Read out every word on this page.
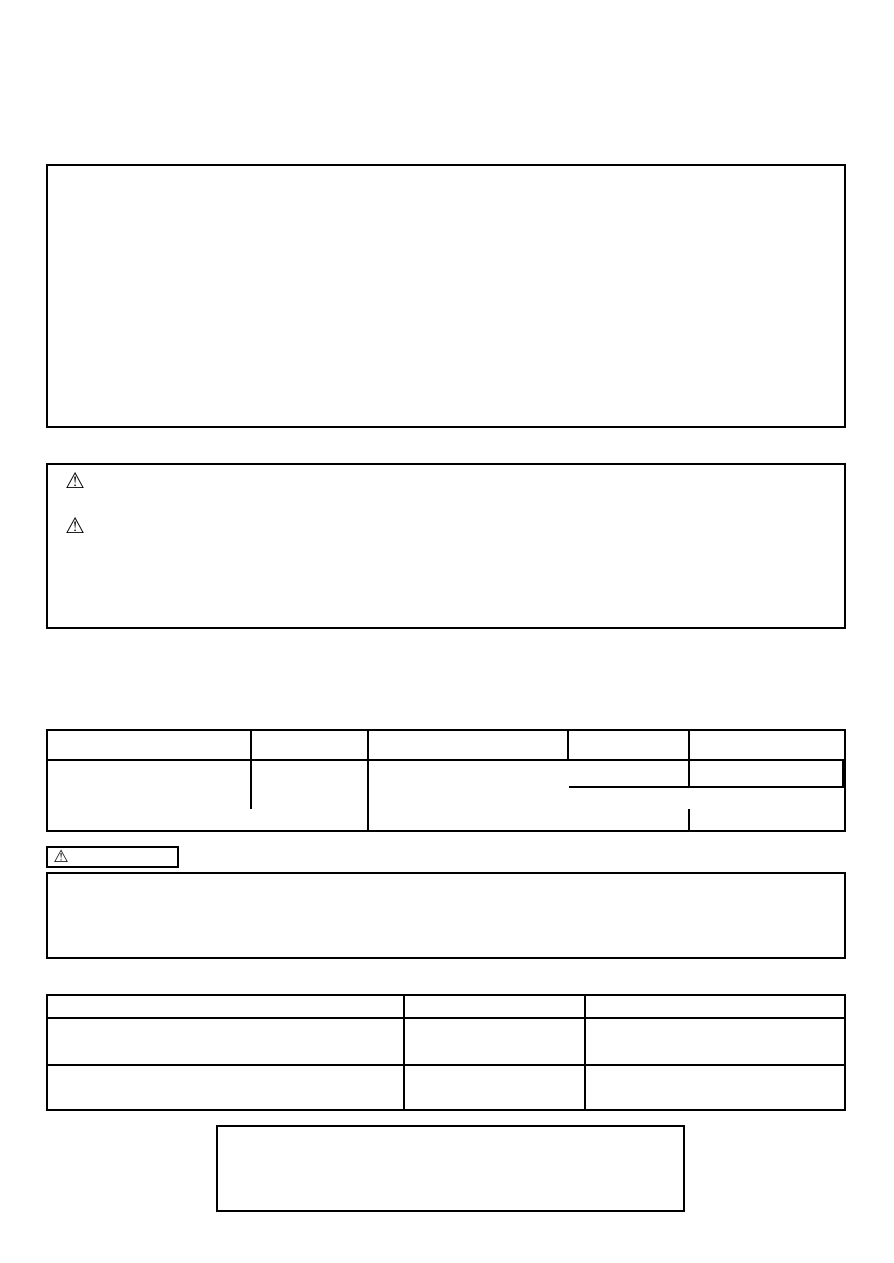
⚠
⚠
⚠
